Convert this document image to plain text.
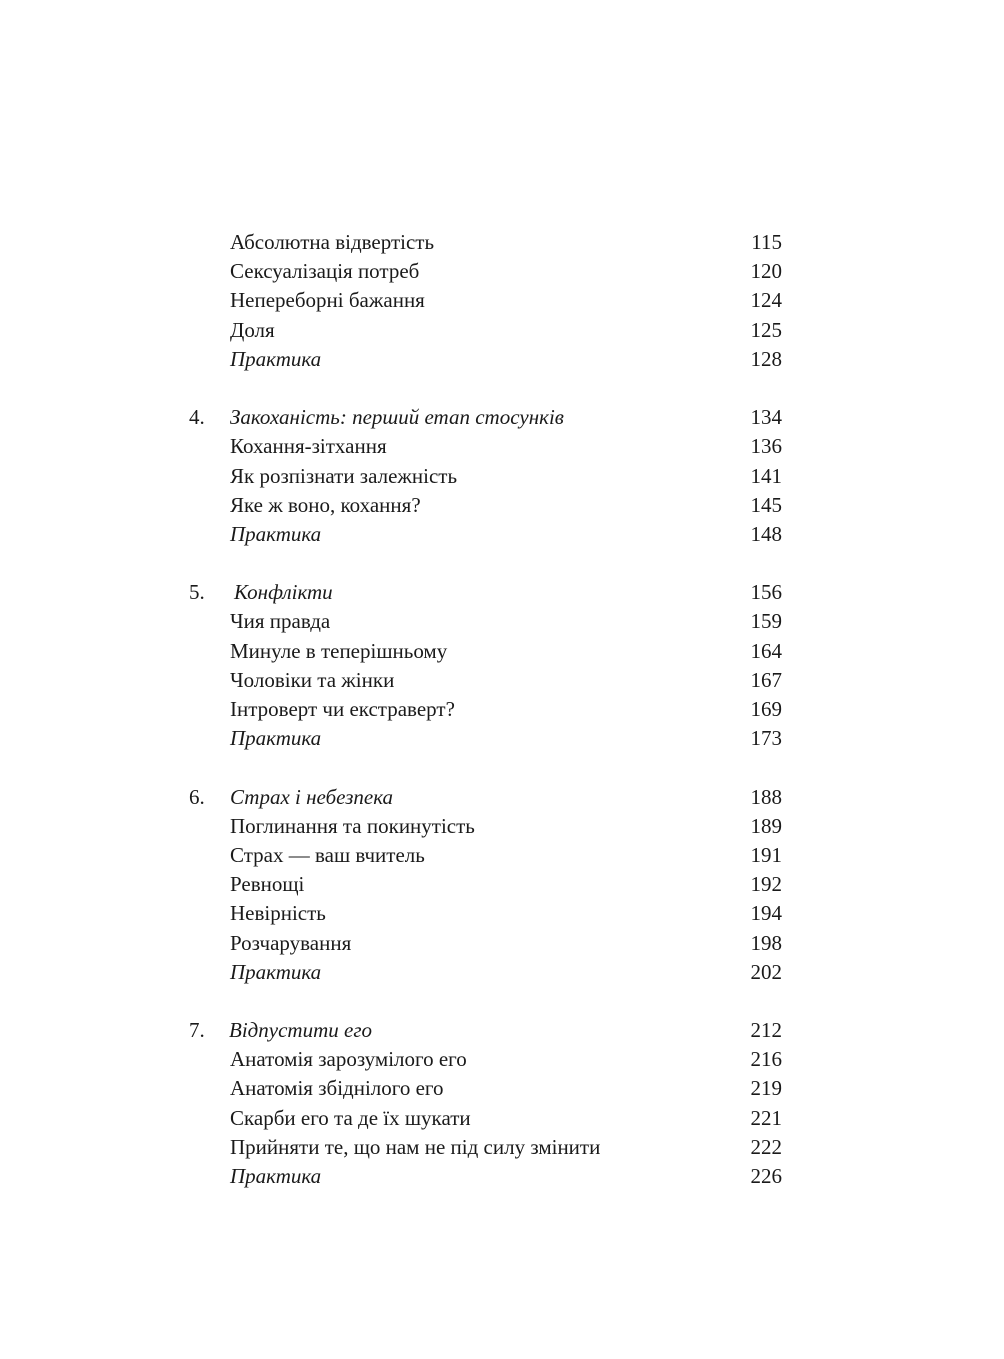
Абсолютна відвертість	115
Сексуалізація потреб	120
Непереборні бажання	124
Доля	125
Практика	128
4. Закоханість: перший етап стосунків	134
Кохання-зітхання	136
Як розпізнати залежність	141
Яке ж воно, кохання?	145
Практика	148
5. Конфлікти	156
Чия правда	159
Минуле в теперішньому	164
Чоловіки та жінки	167
Інтроверт чи екстраверт?	169
Практика	173
6. Страх і небезпека	188
Поглинання та покинутість	189
Страх — ваш вчитель	191
Ревнощі	192
Невірність	194
Розчарування	198
Практика	202
7. Відпустити его	212
Анатомія зарозумілого его	216
Анатомія збіднілого его	219
Скарби его та де їх шукати	221
Прийняти те, що нам не під силу змінити	222
Практика	226
